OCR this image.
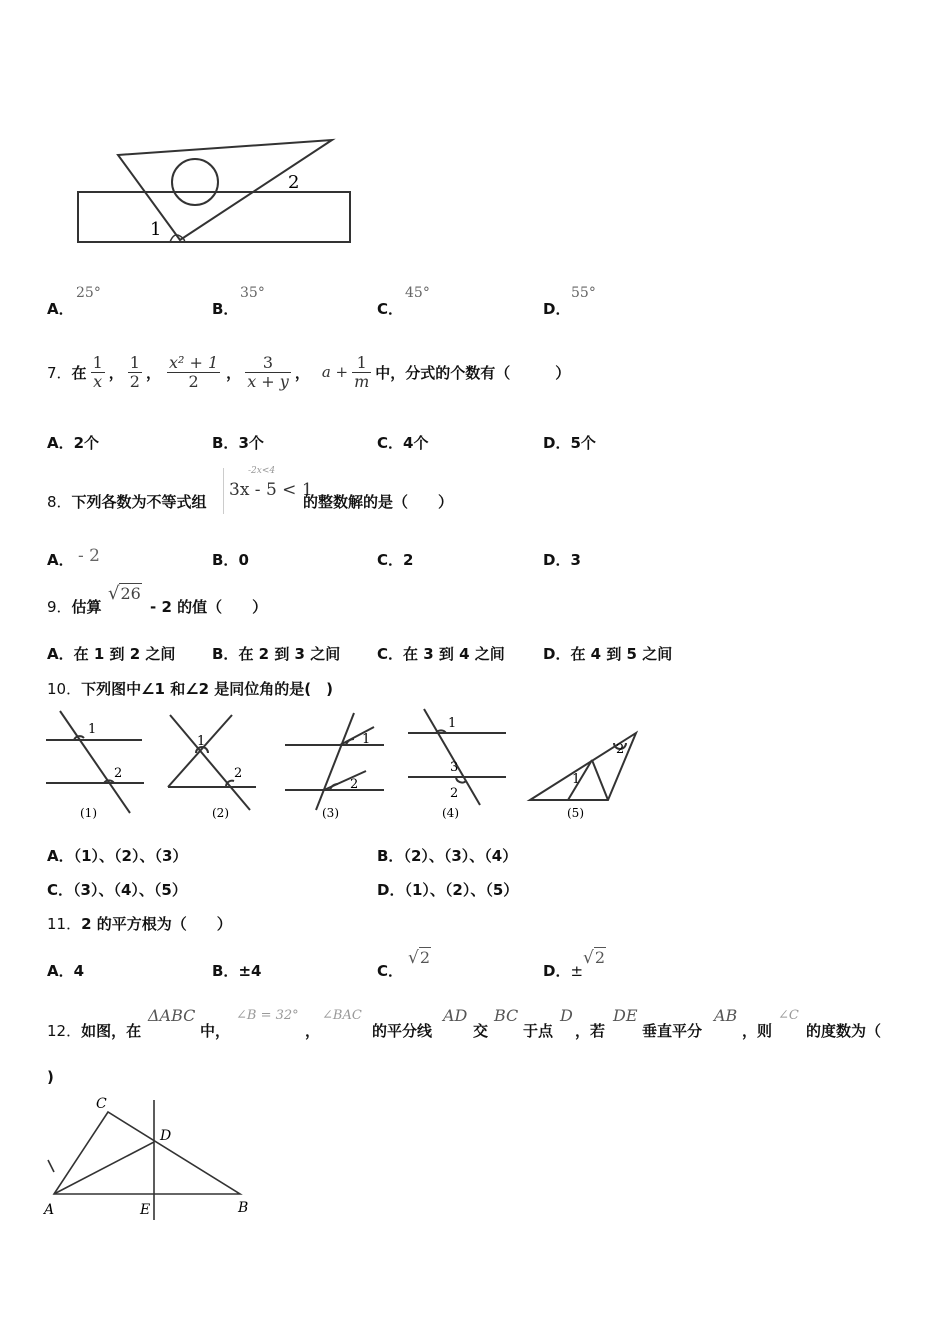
1
2
A．
25°
B．
35°
C．
45°
D．
55°
7． 在 $\frac{1}{x}$ ， $\frac{1}{2}$ ， $\frac{\text{x² + 1}}{2}$ ， $\frac{3}{x + y}$ ， $a + \frac{1}{m}$ 中，分式的个数有（　　　）
A．2个	B．3个	C．4个	D．5个
8．下列各数为不等式组
-2x<4
3x - 5 < 1
的整数解的是（　　）
A． - 2	B．0	C．2	D．3
9．估算
√26
- 2 的值（　　）
A．在 1 到 2 之间 B．在 2 到 3 之间 C．在 3 到 4 之间	D．在 4 到 5 之间
10．下列图中∠1 和∠2 是同位角的是(　)
1
2
(1)
1
2
(2)
1
2
(3)
1
3
2
(4)
1
2
(5)
A．（1）、（2）、（3）	B．（2）、（3）、（4）
C．（3）、（4）、（5）	D．（1）、（2）、（5）
11．2 的平方根为（　　）
A．4	B．±4	C．
√2
D．±
√2
12．如图，在
ΔABC
中，
∠B = 32°
，
∠BAC
的平分线
AD
交
BC
于点
D
，若
DE
垂直平分
AB
，则
∠C
的度数为（
)
C
D
A	E	B
